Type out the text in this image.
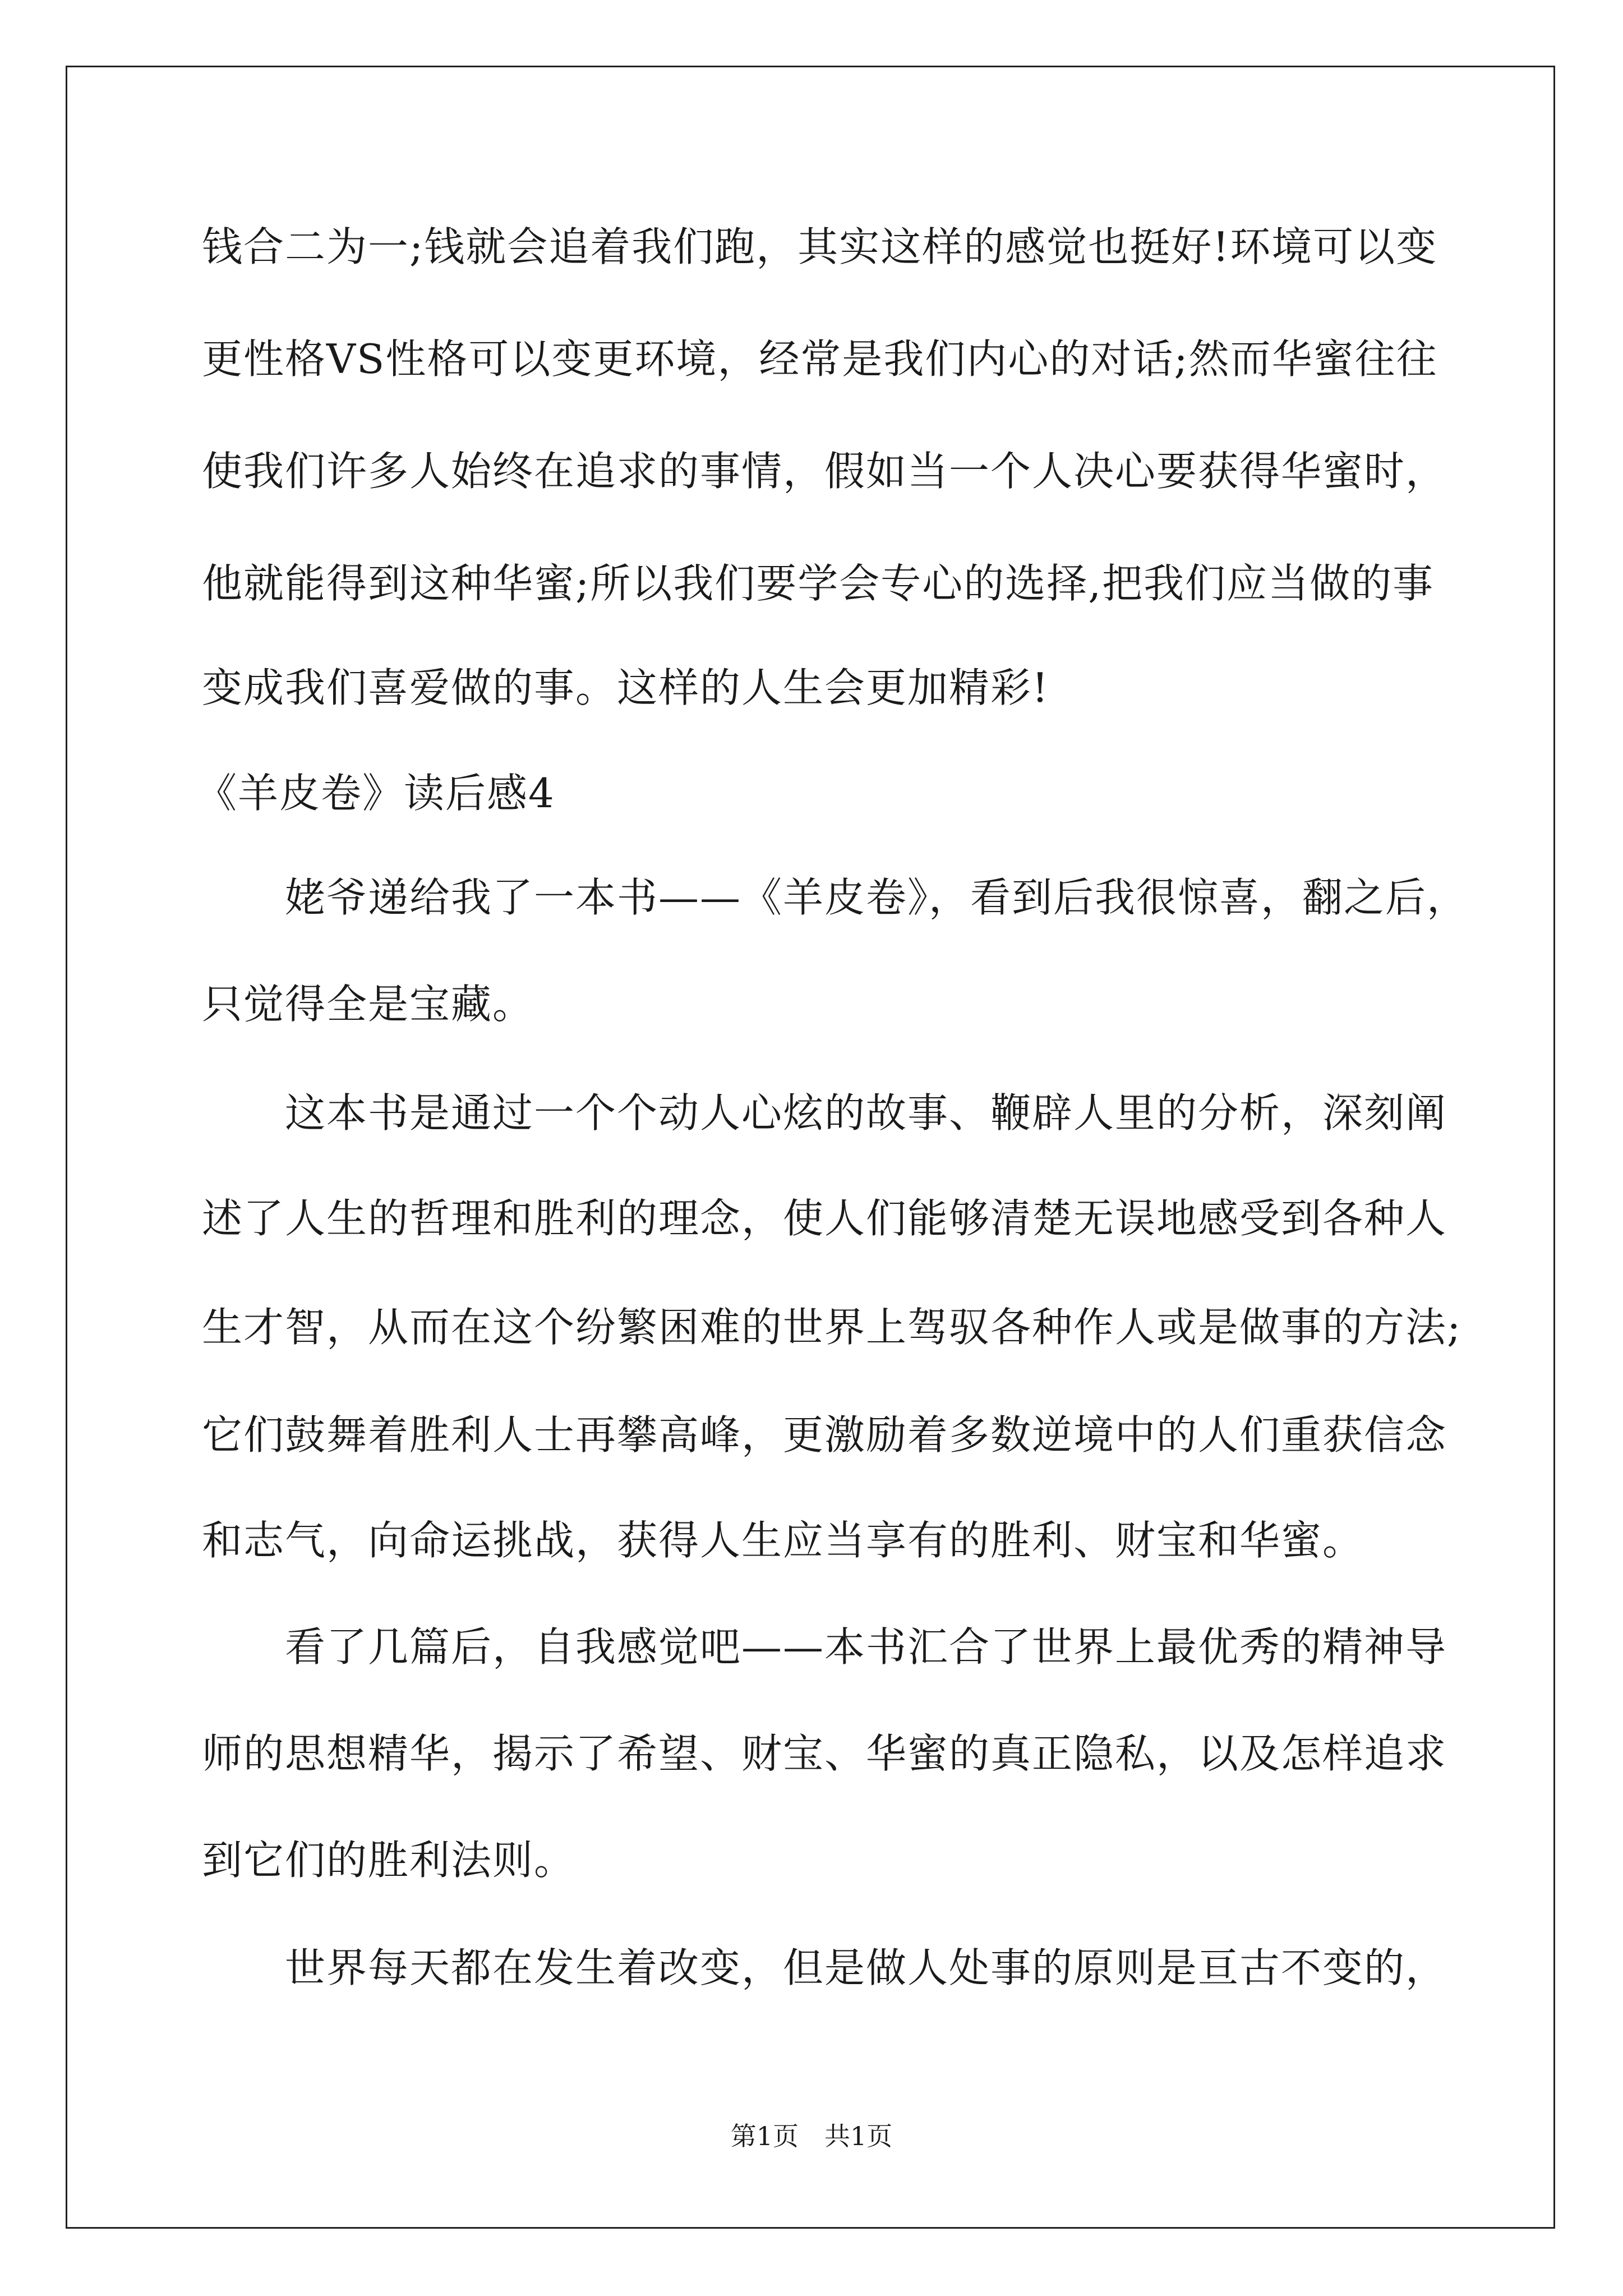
钱合二为一;钱就会追着我们跑，其实这样的感觉也挺好!环境可以变
更性格VS性格可以变更环境，经常是我们内心的对话;然而华蜜往往
使我们许多人始终在追求的事情，假如当一个人决心要获得华蜜时，
他就能得到这种华蜜;所以我们要学会专心的选择,把我们应当做的事
变成我们喜爱做的事。这样的人生会更加精彩!
《羊皮卷》读后感4
　　姥爷递给我了一本书——《羊皮卷》，看到后我很惊喜，翻之后，
只觉得全是宝藏。
　　这本书是通过一个个动人心炫的故事、鞭辟人里的分析，深刻阐
述了人生的哲理和胜利的理念，使人们能够清楚无误地感受到各种人
生才智，从而在这个纷繁困难的世界上驾驭各种作人或是做事的方法;
它们鼓舞着胜利人士再攀高峰，更激励着多数逆境中的人们重获信念
和志气，向命运挑战，获得人生应当享有的胜利、财宝和华蜜。
　　看了几篇后，自我感觉吧——本书汇合了世界上最优秀的精神导
师的思想精华，揭示了希望、财宝、华蜜的真正隐私，以及怎样追求
到它们的胜利法则。
　　世界每天都在发生着改变，但是做人处事的原则是亘古不变的，
第1页　共1页
